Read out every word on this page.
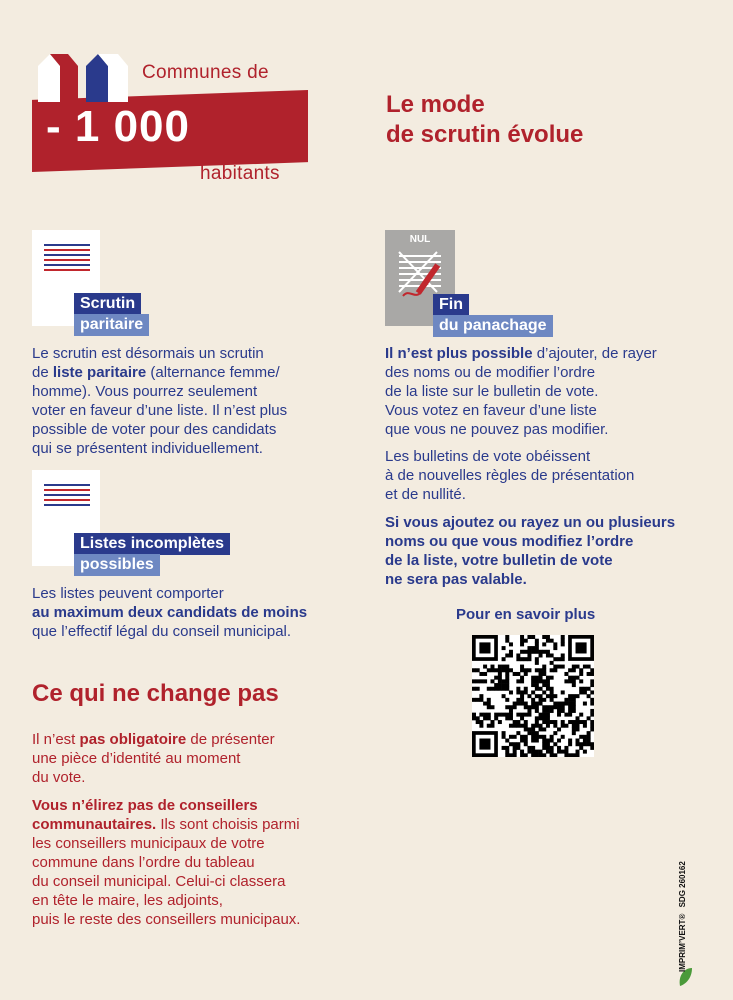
Communes de
- 1 000
habitants
Le mode
de scrutin évolue
Scrutin
paritaire
Le scrutin est désormais un scrutin
de liste paritaire (alternance femme/
homme). Vous pourrez seulement
voter en faveur d’une liste. Il n’est plus
possible de voter pour des candidats
qui se présentent individuellement.
Listes incomplètes
possibles
Les listes peuvent comporter
au maximum deux candidats de moins
que l’effectif légal du conseil municipal.
Ce qui ne change pas
Il n’est pas obligatoire de présenter
une pièce d’identité au moment
du vote.
Vous n’élirez pas de conseillers
communautaires. Ils sont choisis parmi
les conseillers municipaux de votre
commune dans l’ordre du tableau
du conseil municipal. Celui-ci classera
en tête le maire, les adjoints,
puis le reste des conseillers municipaux.
NUL
Fin
du panachage
Il n’est plus possible d’ajouter, de rayer
des noms ou de modifier l’ordre
de la liste sur le bulletin de vote.
Vous votez en faveur d’une liste
que vous ne pouvez pas modifier.
Les bulletins de vote obéissent
à de nouvelles règles de présentation
et de nullité.
Si vous ajoutez ou rayez un ou plusieurs
noms ou que vous modifiez l’ordre
de la liste, votre bulletin de vote
ne sera pas valable.
Pour en savoir plus
IMPRIM’VERT® SDG 260162
